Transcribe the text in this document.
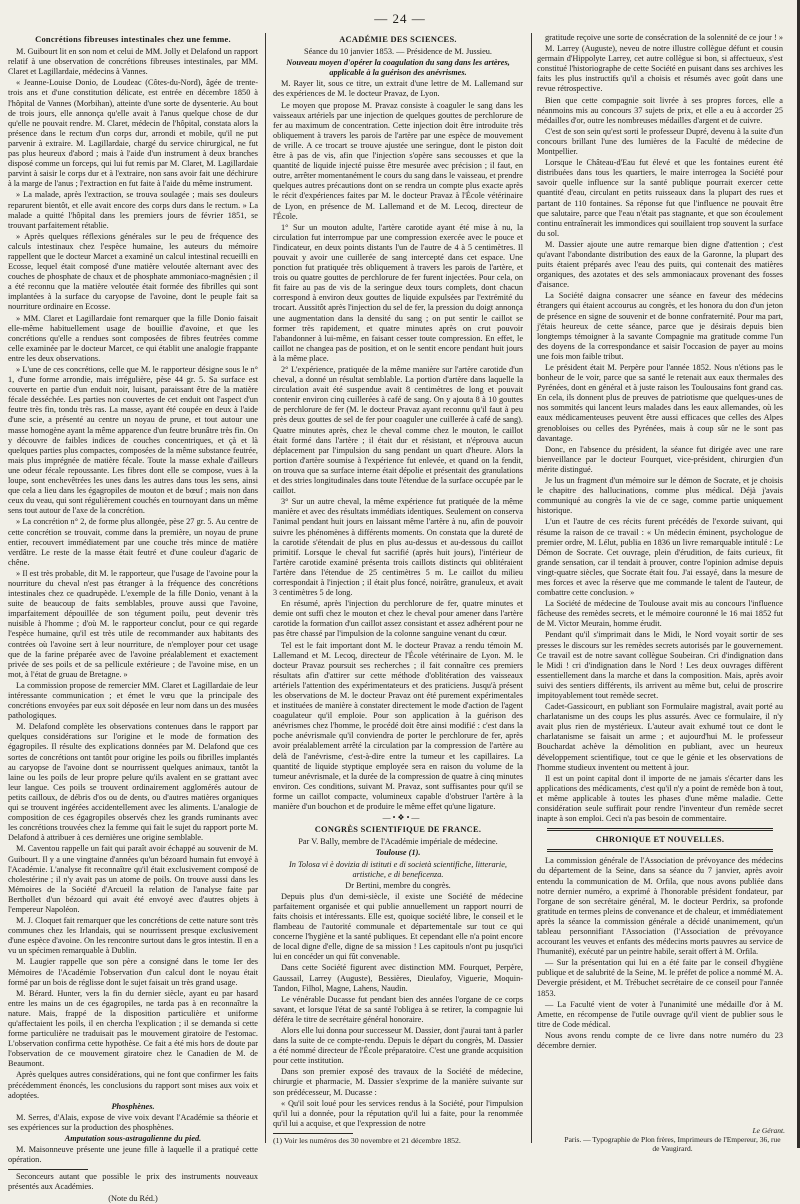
— 24 —
Concrétions fibreuses intestinales chez une femme.

M. Guibourt lit en son nom et celui de MM. Jolly et Delafond un rapport relatif à une observation de concrétions fibreuses intestinales, par MM. Claret et Lagillardaie, médecins à Vannes.

« Jeanne-Louise Donio, de Loudeac (Côtes-du-Nord), âgée de trente-trois ans et d'une constitution délicate, est entrée en décembre 1850 à l'hôpital de Vannes (Morbihan), atteinte d'une sorte de dysenterie. Au bout de trois jours, elle annonça qu'elle avait à l'anus quelque chose de dur qu'elle ne pouvait rendre. M. Claret, médecin de l'hôpital, constata alors la présence dans le rectum d'un corps dur, arrondi et mobile, qu'il ne put parvenir à extraire. M. Lagillardaie, chargé du service chirurgical, ne fut pas plus heureux d'abord ; mais à l'aide d'un instrument à deux branches disposé comme un forceps, qui lui fut remis par M. Claret, M. Lagillardaie parvint à saisir le corps dur et à l'extraire, non sans avoir fait une déchirure à la marge de l'anus ; l'extraction en fut faite à l'aide du même instrument.

» La malade, après l'extraction, se trouva soulagée ; mais ses douleurs reparurent bientôt, et elle avait encore des corps durs dans le rectum. » La malade a quitté l'hôpital dans les premiers jours de février 1851, se trouvant parfaitement rétablie.

» Après quelques réflexions générales sur le peu de fréquence des calculs intestinaux chez l'espèce humaine, les auteurs du mémoire rappellent que le docteur Marcet a examiné un calcul intestinal recueilli en Ecosse, lequel était composé d'une matière veloutée alternant avec des couches de phosphate de chaux et de phosphate ammoniaco-magnésien ; il a été reconnu que la matière veloutée était formée des fibrilles qui sont implantées à la surface du caryopse de l'avoine, dont le peuple fait sa nourriture ordinaire en Ecosse.

» MM. Claret et Lagillardaie font remarquer que la fille Donio faisait elle-même habituellement usage de bouillie d'avoine, et que les concrétions qu'elle a rendues sont composées de fibres feutrées comme celle examinée par le docteur Marcet, ce qui établit une analogie frappante entre les deux observations.

» L'une de ces concrétions, celle que M. le rapporteur désigne sous le n° 1, d'une forme arrondie, mais irrégulière, pèse 44 gr. 5. Sa surface est couverte en partie d'un enduit noir, luisant, paraissant être de la matière fécale desséchée. Les parties non couvertes de cet enduit ont l'aspect d'un feutre très fin, tondu très ras. La masse, ayant été coupée en deux à l'aide d'une scie, a présenté au centre un noyau de prune, et tout autour une masse homogène ayant la même apparence d'un feutre brunâtre très fin. On y découvre de faibles indices de couches concentriques, et çà et là quelques parties plus compactes, composées de la même substance feutrée, mais plus imprégnée de matière fécale. Toute la masse exhale d'ailleurs une odeur fécale repoussante. Les fibres dont elle se compose, vues à la loupe, sont enchevêtrées les unes dans les autres dans tous les sens, ainsi que cela a lieu dans les égagropiles de mouton et de bœuf ; mais non dans ceux du veau, qui sont régulièrement couchés en tournoyant dans un même sens tout autour de l'axe de la concrétion.

» La concrétion n° 2, de forme plus allongée, pèse 27 gr. 5. Au centre de cette concrétion se trouvait, comme dans la première, un noyau de prune entier, recouvert immédiatement par une couche très mince de matière verdâtre. Le reste de la masse était feutré et d'une couleur d'agaric de chêne.

» Il est très probable, dit M. le rapporteur, que l'usage de l'avoine pour la nourriture du cheval n'est pas étranger à la fréquence des concrétions intestinales chez ce quadrupède. L'exemple de la fille Donio, venant à la suite de beaucoup de faits semblables, prouve aussi que l'avoine, imparfaitement dépouillée de son tégument poilu, peut devenir très nuisible à l'homme ; d'où M. le rapporteur conclut, pour ce qui regarde l'espèce humaine, qu'il est très utile de recommander aux habitants des contrées où l'avoine sert à leur nourriture, de n'employer pour cet usage que de la farine préparée avec de l'avoine préalablement et exactement privée de ses poils et de sa pellicule extérieure ; de l'avoine mise, en un mot, à l'état de gruau de Bretagne. »

La commission propose de remercier MM. Claret et Lagillardaie de leur intéressante communication ; et émet le vœu que la principale des concrétions envoyées par eux soit déposée en leur nom dans un des musées pathologiques.

M. Delafond complète les observations contenues dans le rapport par quelques considérations sur l'origine et le mode de formation des égagropiles. Il résulte des explications données par M. Delafond que ces sortes de concrétions ont tantôt pour origine les poils ou fibrilles implantés au caryopse de l'avoine dont se nourrissent quelques animaux, tantôt la laine ou les poils de leur propre pelure qu'ils avalent en se grattant avec leur langue. Ces poils se trouvent ordinairement agglomérés autour de petits cailloux, de débris d'os ou de dents, ou d'autres matières organiques qui se trouvent ingérées accidentellement avec les aliments. L'analogie de composition de ces égagropiles observés chez les grands ruminants avec les concrétions trouvées chez la femme qui fait le sujet du rapport porte M. Delafond à attribuer à ces dernières une origine semblable.

M. Caventou rappelle un fait qui paraît avoir échappé au souvenir de M. Guibourt. Il y a une vingtaine d'années qu'un bézoard humain fut envoyé à l'Académie. L'analyse fit reconnaître qu'il était exclusivement composé de cholestérine ; il n'y avait pas un atome de poils. On trouve aussi dans les Mémoires de la Société d'Arcueil la relation de l'analyse faite par Berthollet d'un bézoard qui avait été envoyé avec d'autres objets à l'empereur Napoléon.

M. J. Cloquet fait remarquer que les concrétions de cette nature sont très communes chez les Irlandais, qui se nourrissent presque exclusivement d'une espèce d'avoine. On les rencontre surtout dans le gros intestin. Il en a vu un spécimen remarquable à Dublin.

M. Laugier rappelle que son père a consigné dans le tome Ier des Mémoires de l'Académie l'observation d'un calcul dont le noyau était formé par un bois de réglisse dont le sujet faisait un très grand usage.

M. Bérard. Hunter, vers la fin du dernier siècle, ayant eu par hasard entre les mains un de ces égagropiles, ne tarda pas à en reconnaître la nature. Mais, frappé de la disposition particulière et uniforme qu'affectaient les poils, il en chercha l'explication ; il se demanda si cette forme particulière ne traduisait pas le mouvement giratoire de l'estomac. L'observation confirma cette hypothèse. Ce fait a été mis hors de doute par l'observation de ce mouvement giratoire chez le Canadien de M. de Beaumont.

Après quelques autres considérations, qui ne font que confirmer les faits précédemment énoncés, les conclusions du rapport sont mises aux voix et adoptées.

Phosphènes.

M. Serres, d'Alais, expose de vive voix devant l'Académie sa théorie et ses expériences sur la production des phosphènes.

Amputation sous-astragalienne du pied.

M. Maisonneuve présente une jeune fille à laquelle il a pratiqué cette opération.

Seconceurs autant que possible le prix des instruments nouveaux présentés aux Académies.

(Note du Réd.)

ACADÉMIE DES SCIENCES.

Séance du 10 janvier 1853. — Présidence de M. Jussieu.

Nouveau moyen d'opérer la coagulation du sang dans les artères, applicable à la guérison des anévrismes.

M. Rayer lit, sous ce titre, un extrait d'une lettre de M. Lallemand sur des expériences de M. le docteur Pravaz, de Lyon.

Le moyen que propose M. Pravaz consiste à coaguler le sang dans les vaisseaux artériels par une injection de quelques gouttes de perchlorure de fer au maximum de concentration. Cette injection doit être introduite très obliquement à travers les parois de l'artère par une espèce de mouvement de vrille. A ce trocart se trouve ajustée une seringue, dont le piston doit être à pas de vis, afin que l'injection s'opère sans secousses et que la quantité de liquide injecté puisse être mesurée avec précision ; il faut, en outre, arrêter momentanément le cours du sang dans le vaisseau, et prendre quelques autres précautions dont on se rendra un compte plus exacte après le récit d'expériences faites par M. le docteur Pravaz à l'École vétérinaire de Lyon, en présence de M. Lallemand et de M. Lecoq, directeur de l'École.

1° Sur un mouton adulte, l'artère carotide ayant été mise à nu, la circulation fut interrompue par une compression exercée avec le pouce et l'indicateur, en deux points distants l'un de l'autre de 4 à 5 centimètres. Il pouvait y avoir une cuillerée de sang intercepté dans cet espace. Une ponction fut pratiquée très obliquement à travers les parois de l'artère, et trois ou quatre gouttes de perchlorure de fer furent injectées. Pour cela, on fit faire au pas de vis de la seringue deux tours complets, dont chacun correspond à environ deux gouttes de liquide expulsées par l'extrémité du trocart. Aussitôt après l'injection du sel de fer, la pression du doigt annonça une augmentation dans la densité du sang ; on put sentir le caillot se former très rapidement, et quatre minutes après on crut pouvoir l'abandonner à lui-même, en faisant cesser toute compression. En effet, le caillot ne changea pas de position, et on le sentit encore pendant huit jours à la même place.

2° L'expérience, pratiquée de la même manière sur l'artère carotide d'un cheval, a donné un résultat semblable. La portion d'artère dans laquelle la circulation avait été suspendue avait 8 centimètres de long et pouvait contenir environ cinq cuillerées à café de sang. On y ajouta 8 à 10 gouttes de perchlorure de fer (M. le docteur Pravaz ayant reconnu qu'il faut à peu près deux gouttes de sel de fer pour coaguler une cuillerée à café de sang). Quatre minutes après, chez le cheval comme chez le mouton, le caillot était formé dans l'artère ; il était dur et résistant, et n'éprouva aucun déplacement par l'impulsion du sang pendant un quart d'heure. Alors la portion d'artère soumise à l'expérience fut enlevée, et quand on la fendit, on trouva que sa surface interne était dépolie et présentait des granulations et des stries longitudinales dans toute l'étendue de la surface occupée par le caillot.

3° Sur un autre cheval, la même expérience fut pratiquée de la même manière et avec des résultats immédiats identiques. Seulement on conserva l'animal pendant huit jours en laissant même l'artère à nu, afin de pouvoir suivre les phénomènes à différents moments. On constata que la dureté de la carotide s'étendait de plus en plus au-dessus et au-dessous du caillot primitif. Lorsque le cheval fut sacrifié (après huit jours), l'intérieur de l'artère carotide examiné présenta trois caillots distincts qui oblitéraient l'artère dans l'étendue de 25 centimètres 5 m. Le caillot du milieu correspondait à l'injection ; il était plus foncé, noirâtre, granuleux, et avait 3 centimètres 5 de long.

En résumé, après l'injection du perchlorure de fer, quatre minutes et demie ont suffi chez le mouton et chez le cheval pour amener dans l'artère carotide la formation d'un caillot assez consistant et assez adhérent pour ne pas être chassé par l'impulsion de la colonne sanguine venant du cœur.

Tel est le fait important dont M. le docteur Pravaz a rendu témoin M. Lallemand et M. Lecoq, directeur de l'École vétérinaire de Lyon. M. le docteur Pravaz poursuit ses recherches ; il fait connaître ces premiers résultats afin d'attirer sur cette méthode d'oblitération des vaisseaux artériels l'attention des expérimentateurs et des praticiens. Jusqu'à présent les observations de M. le docteur Pravaz ont été purement expérimentales et instituées de manière à constater directement le mode d'action de l'agent coagulateur qu'il emploie. Pour son application à la guérison des anévrismes chez l'homme, le procédé doit être ainsi modifié : c'est dans la poche anévrismale qu'il conviendra de porter le perchlorure de fer, après avoir préalablement arrêté la circulation par la compression de l'artère au delà de l'anévrisme, c'est-à-dire entre la tumeur et les capillaires. La quantité de liquide styptique employée sera en raison du volume de la tumeur anévrismale, et la durée de la compression de quatre à cinq minutes environ. Ces conditions, suivant M. Pravaz, sont suffisantes pour qu'il se forme un caillot compacte, volumineux capable d'obstruer l'artère à la manière d'un bouchon et de produire le même effet qu'une ligature.

—•❖•—

CONGRÈS SCIENTIFIQUE DE FRANCE.

Par V. Bally, membre de l'Académie impériale de médecine.

Toulouse (1).

In Tolosa vi è dovizia di istituti e di società scientifiche, litterarie, artistiche, e di beneficenza.

Dr Bertini, membre du congrès.

Depuis plus d'un demi-siècle, il existe une Société de médecine parfaitement organisée et qui publie annuellement un rapport nourri de faits choisis et intéressants. Elle est, quoique société libre, le conseil et le flambeau de l'autorité communale et départementale sur tout ce qui concerne l'hygiène et la santé publiques. Et cependant elle n'a point encore de local digne d'elle, digne de sa mission ! Les capitouls n'ont pu jusqu'ici lui en concéder un qui fût convenable.

Dans cette Société figurent avec distinction MM. Fourquet, Perpère, Gaussail, Larrey (Auguste), Bessières, Dieulafoy, Viguerie, Moquin-Tandon, Filhol, Magne, Lahens, Naudin.

Le vénérable Ducasse fut pendant bien des années l'organe de ce corps savant, et lorsque l'état de sa santé l'obligea à se retirer, la compagnie lui déféra le titre de secrétaire général honoraire.

Alors elle lui donna pour successeur M. Dassier, dont j'aurai tant à parler dans la suite de ce compte-rendu. Depuis le départ du congrès, M. Dassier a été nommé directeur de l'École préparatoire. C'est une grande acquisition pour cette institution.

Dans son premier exposé des travaux de la Société de médecine, chirurgie et pharmacie, M. Dassier s'exprime de la manière suivante sur son prédécesseur, M. Ducasse :

« Qu'il soit loué pour les services rendus à la Société, pour l'impulsion qu'il lui a donnée, pour la réputation qu'il lui a faite, pour la renommée qu'il lui a acquise, et que l'expression de notre

(1) Voir les numéros des 30 novembre et 21 décembre 1852.

gratitude reçoive une sorte de consécration de la solennité de ce jour ! »

M. Larrey (Auguste), neveu de notre illustre collègue défunt et cousin germain d'Hippolyte Larrey, cet autre collègue si bon, si affectueux, s'est constitué l'historiographe de cette Société en puisant dans ses archives les faits les plus instructifs qu'il a choisis et résumés avec goût dans une revue rétrospective.

Bien que cette compagnie soit livrée à ses propres forces, elle a néanmoins mis au concours 37 sujets de prix, et elle a eu à accorder 25 médailles d'or, outre les nombreuses médailles d'argent et de cuivre.

C'est de son sein qu'est sorti le professeur Dupré, devenu à la suite d'un concours brillant l'une des lumières de la Faculté de médecine de Montpellier.

Lorsque le Château-d'Eau fut élevé et que les fontaines eurent été distribuées dans tous les quartiers, le maire interrogea la Société pour savoir quelle influence sur la santé publique pourrait exercer cette quantité d'eau, circulant en petits ruisseaux dans la plupart des rues et partant de 110 fontaines. Sa réponse fut que l'influence ne pouvait être que salutaire, parce que l'eau n'était pas stagnante, et que son écoulement continu entraînerait les immondices qui souillaient trop souvent la surface du sol.

M. Dassier ajoute une autre remarque bien digne d'attention ; c'est qu'avant l'abondante distribution des eaux de la Garonne, la plupart des puits étaient préparés avec l'eau des puits, qui contenait des matières organiques, des azotates et des sels ammoniacaux provenant des fosses d'aisance.

La Société daigna consacrer une séance en faveur des médecins étrangers qui étaient accourus au congrès, et les honora du don d'un jeton de présence en signe de souvenir et de bonne confraternité. Pour ma part, j'étais heureux de cette séance, parce que je désirais depuis bien longtemps témoigner à la savante Compagnie ma gratitude comme l'un des doyens de la correspondance et saisir l'occasion de payer au moins une fois mon faible tribut.

Le président était M. Perpère pour l'année 1852. Nous n'étions pas le bonheur de le voir, parce que sa santé le retenait aux eaux thermales des Pyrénées, dont en général et à juste raison les Toulousains font grand cas. En cela, ils donnent plus de preuves de patriotisme que quelques-unes de nos sommités qui lancent leurs malades dans les eaux allemandes, où les eaux médicamenteuses peuvent être aussi efficaces que celles des Alpes grenobloises ou celles des Pyrénées, mais à coup sûr ne le sont pas davantage.

Donc, en l'absence du président, la séance fut dirigée avec une rare bienveillance par le docteur Fourquet, vice-président, chirurgien d'un mérite distingué.

Je lus un fragment d'un mémoire sur le démon de Socrate, et je choisis le chapitre des hallucinations, comme plus médical. Déjà j'avais communiqué au congrès la vie de ce sage, comme partie uniquement historique.

L'un et l'autre de ces récits furent précédés de l'exorde suivant, qui résume la raison de ce travail : « Un médecin éminent, psychologue de premier ordre, M. Lélut, publia en 1836 un livre remarquable intitulé : Le Démon de Socrate. Cet ouvrage, plein d'érudition, de faits curieux, fit grande sensation, car il tendait à prouver, contre l'opinion admise depuis vingt-quatre siècles, que Socrate était fou. J'ai essayé, dans la mesure de mes forces et avec la réserve que me commande le talent de l'auteur, de combattre cette conclusion. »

La Société de médecine de Toulouse avait mis au concours l'influence fâcheuse des remèdes secrets, et le mémoire couronné le 16 mai 1852 fut de M. Victor Meurain, homme érudit.

Pendant qu'il s'imprimait dans le Midi, le Nord voyait sortir de ses presses le discours sur les remèdes secrets autorisés par le gouvernement. Ce travail est de notre savant collègue Soubeiran. Cri d'indignation dans le Midi ! cri d'indignation dans le Nord ! Les deux ouvrages diffèrent essentiellement dans la marche et dans la composition. Mais, après avoir suivi des sentiers différents, ils arrivent au même but, celui de proscrire impitoyablement tout remède secret.

Cadet-Gassicourt, en publiant son Formulaire magistral, avait porté au charlatanisme un des coups les plus assurés. Avec ce formulaire, il n'y avait plus rien de mystérieux. L'auteur avait exhumé tout ce dont le charlatanisme se faisait un arme ; et aujourd'hui M. le professeur Bouchardat achève la démolition en publiant, avec un heureux développement scientifique, tout ce que le génie et les observations de l'homme studieux inventent ou mettent à jour.

Il est un point capital dont il importe de ne jamais s'écarter dans les applications des médicaments, c'est qu'il n'y a point de remède bon à tout, et même applicable à toutes les phases d'une même maladie. Cette considération seule suffirait pour rendre l'inventeur d'un remède secret inapte à son emploi. Ceci n'a pas besoin de commentaire.

CHRONIQUE ET NOUVELLES.

La commission générale de l'Association de prévoyance des médecins du département de la Seine, dans sa séance du 7 janvier, après avoir entendu la communication de M. Orfila, que nous avons publiée dans notre dernier numéro, a exprimé à l'honorable président fondateur, par l'organe de son secrétaire général, M. le docteur Perdrix, sa profonde gratitude en termes pleins de convenance et de chaleur, et immédiatement après la séance la commission générale a décidé unanimement, qu'un tableau personnifiant l'Association (l'Association de prévoyance accourant les veuves et enfants des médecins morts pauvres au service de l'humanité), exécuté par un peintre habile, serait offert à M. Orfila.

— Sur la présentation qui lui en a été faite par le conseil d'hygiène publique et de salubrité de la Seine, M. le préfet de police a nommé M. A. Devergie président, et M. Trébuchet secrétaire de ce conseil pour l'année 1853.

— La Faculté vient de voter à l'unanimité une médaille d'or à M. Amette, en récompense de l'utile ouvrage qu'il vient de publier sous le titre de Code médical.

Nous avons rendu compte de ce livre dans notre numéro du 23 décembre dernier.

Le Gérant.
Paris. — Typographie de Plon frères, Imprimeurs de l'Empereur, 36, rue de Vaugirard.
